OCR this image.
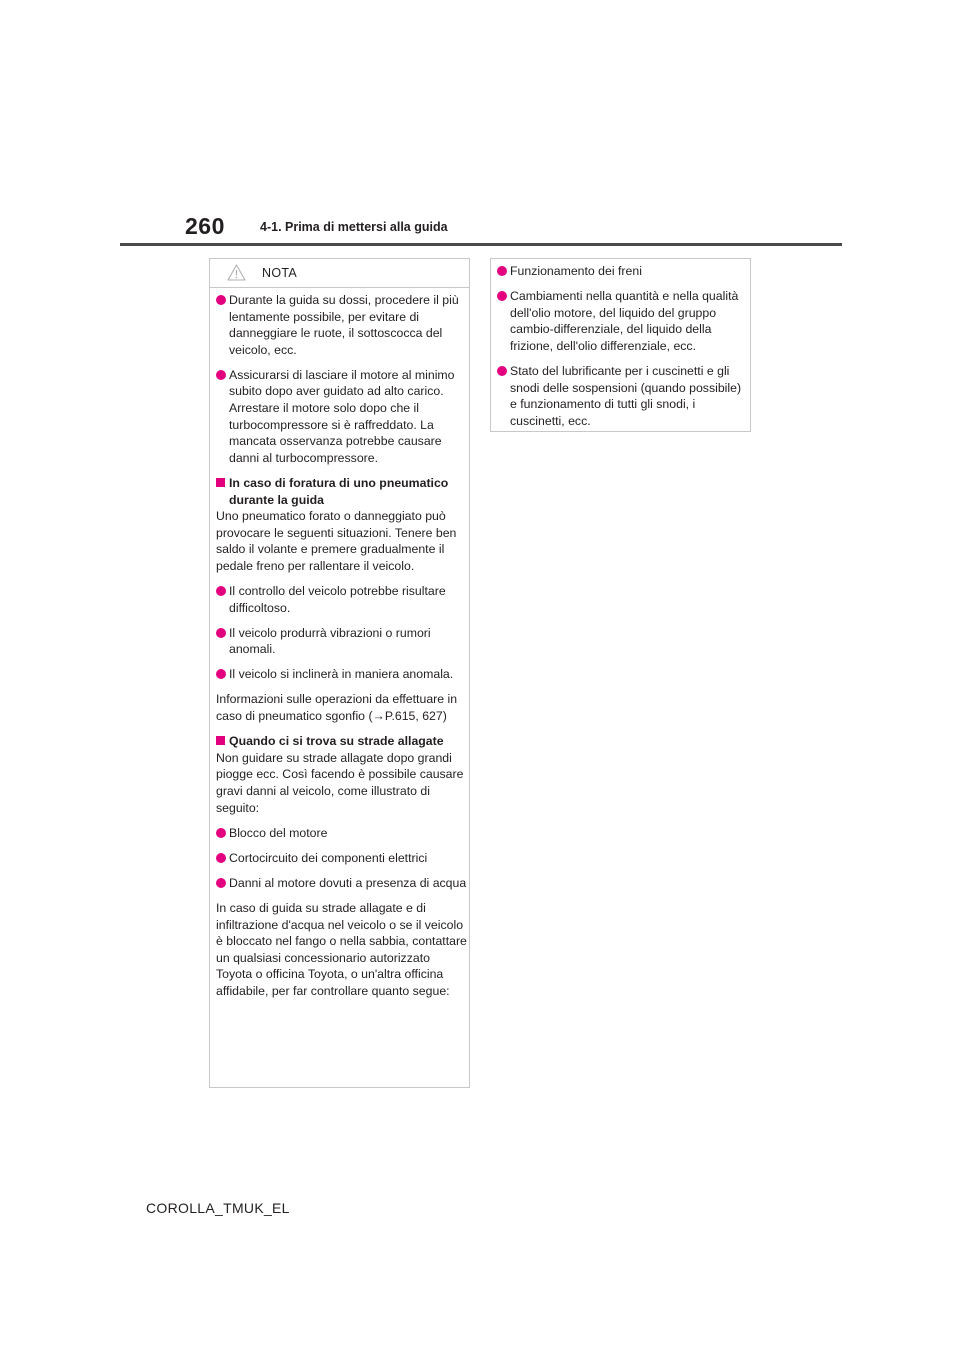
260	4-1. Prima di mettersi alla guida
NOTA
Durante la guida su dossi, procedere il più lentamente possibile, per evitare di danneggiare le ruote, il sottoscocca del veicolo, ecc.
Assicurarsi di lasciare il motore al minimo subito dopo aver guidato ad alto carico. Arrestare il motore solo dopo che il turbocompressore si è raffreddato. La mancata osservanza potrebbe causare danni al turbocompressore.
In caso di foratura di uno pneumatico durante la guida
Uno pneumatico forato o danneggiato può provocare le seguenti situazioni. Tenere ben saldo il volante e premere gradualmente il pedale freno per rallentare il veicolo.
Il controllo del veicolo potrebbe risultare difficoltoso.
Il veicolo produrrà vibrazioni o rumori anomali.
Il veicolo si inclinerà in maniera anomala.
Informazioni sulle operazioni da effettuare in caso di pneumatico sgonfio (→P.615, 627)
Quando ci si trova su strade allagate
Non guidare su strade allagate dopo grandi piogge ecc. Così facendo è possibile causare gravi danni al veicolo, come illustrato di seguito:
Blocco del motore
Cortocircuito dei componenti elettrici
Danni al motore dovuti a presenza di acqua
In caso di guida su strade allagate e di infiltrazione d'acqua nel veicolo o se il veicolo è bloccato nel fango o nella sabbia, contattare un qualsiasi concessionario autorizzato Toyota o officina Toyota, o un'altra officina affidabile, per far controllare quanto segue:
Funzionamento dei freni
Cambiamenti nella quantità e nella qualità dell'olio motore, del liquido del gruppo cambio-differenziale, del liquido della frizione, dell'olio differenziale, ecc.
Stato del lubrificante per i cuscinetti e gli snodi delle sospensioni (quando possibile) e funzionamento di tutti gli snodi, i cuscinetti, ecc.
COROLLA_TMUK_EL
